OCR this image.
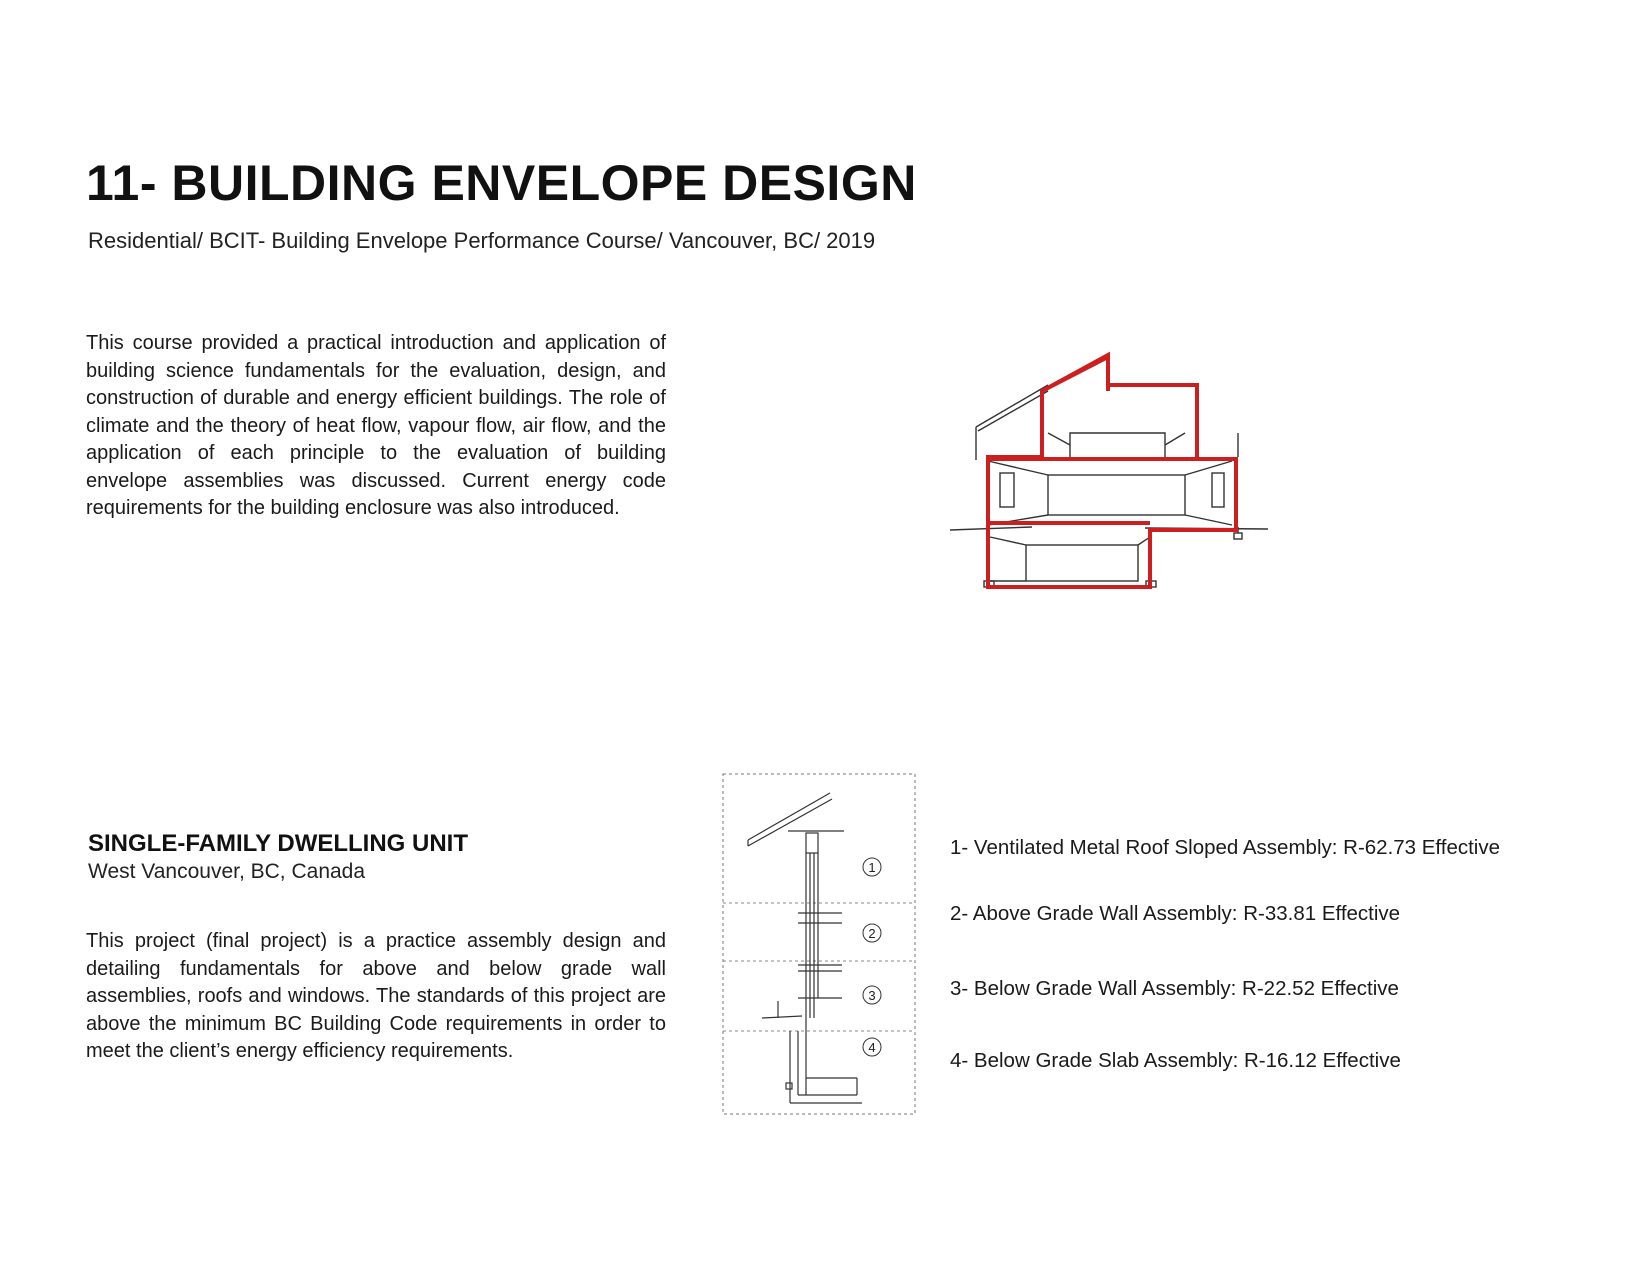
11- BUILDING ENVELOPE DESIGN

Residential/ BCIT- Building Envelope Performance Course/ Vancouver, BC/ 2019

This course provided a practical introduction and application of building science fundamentals for the evaluation, design, and construction of durable and energy efficient buildings. The role of climate and the theory of heat flow, vapour flow, air flow, and the application of each principle to the evaluation of building envelope assemblies was discussed. Current energy code requirements for the building enclosure was also introduced.

SINGLE-FAMILY DWELLING UNIT

West Vancouver, BC, Canada

This project (final project) is a practice assembly design and detailing fundamentals for above and below grade wall assemblies, roofs and windows. The standards of this project are above the minimum BC Building Code requirements in order to meet the client’s energy efficiency requirements.

1
2
3
4
1- Ventilated Metal Roof Sloped Assembly: R-62.73 Effective
2- Above Grade Wall Assembly: R-33.81 Effective
3- Below Grade Wall Assembly: R-22.52 Effective
4- Below Grade Slab Assembly: R-16.12 Effective
